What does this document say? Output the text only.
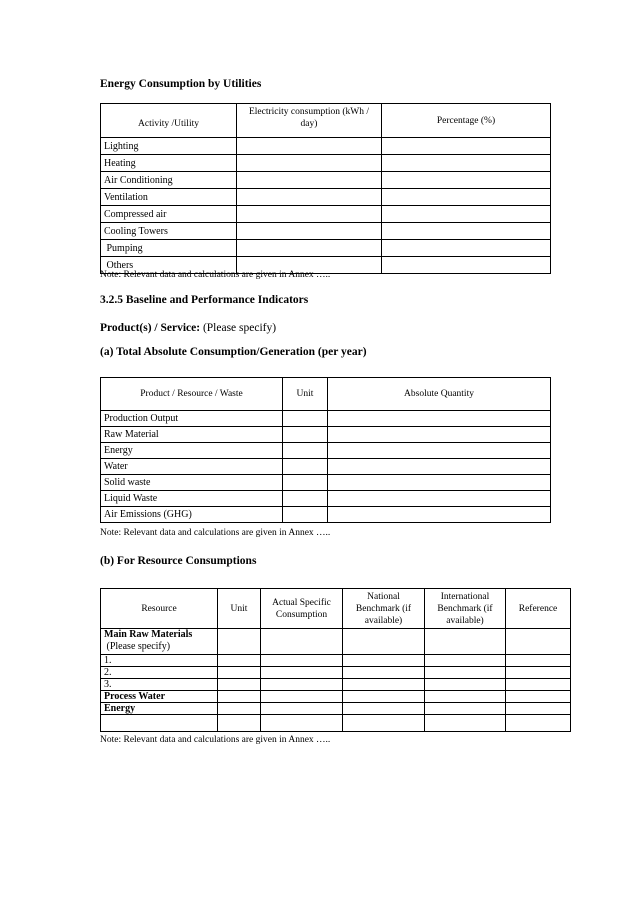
Energy Consumption by Utilities
Activity /Utility	Electricity consumption (kWh / day)	Percentage (%)
Lighting		
Heating		
Air Conditioning		
Ventilation		
Compressed air		
Cooling Towers		
Pumping		
Others		
Note: Relevant data and calculations are given in Annex …..
3.2.5 Baseline and Performance Indicators
Product(s) / Service: (Please specify)
(a) Total Absolute Consumption/Generation (per year)
Product / Resource / Waste	Unit	Absolute Quantity
Production Output		
Raw Material		
Energy		
Water		
Solid waste		
Liquid Waste		
Air Emissions (GHG)		
Note: Relevant data and calculations are given in Annex …..
(b) For Resource Consumptions
Resource	Unit	Actual Specific Consumption	National Benchmark (if available)	International Benchmark (if available)	Reference

Main Raw Materials
(Please specify)					

1.					
2.					
3.					
Process Water					
Energy					

Note: Relevant data and calculations are given in Annex …..
